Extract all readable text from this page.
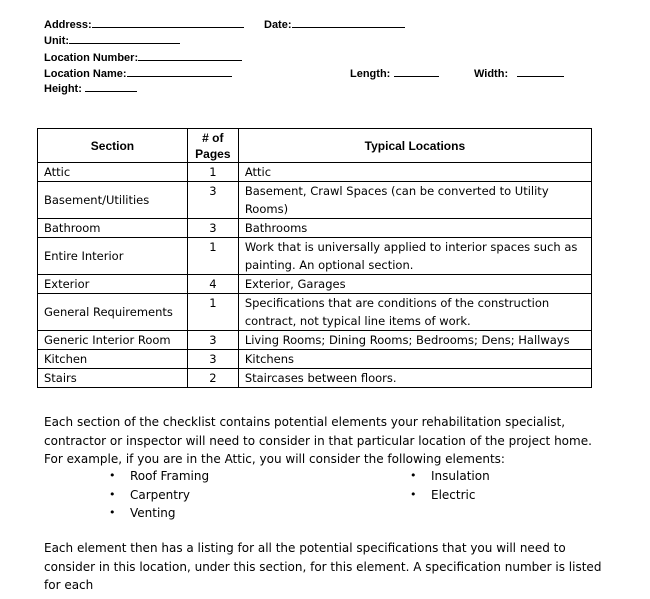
Address:	Date:
Unit:
Location Number:
Location Name:	Length:	Width:
Height:
Section	# of Pages	Typical Locations
Attic	1	Attic
Basement/Utilities	3	Basement, Crawl Spaces (can be converted to Utility Rooms)
Bathroom	3	Bathrooms
Entire Interior	1	Work that is universally applied to interior spaces such as painting. An optional section.
Exterior	4	Exterior, Garages
General Requirements	1	Specifications that are conditions of the construction contract, not typical line items of work.
Generic Interior Room	3	Living Rooms; Dining Rooms; Bedrooms; Dens; Hallways
Kitchen	3	Kitchens
Stairs	2	Staircases between floors.
Each section of the checklist contains potential elements your rehabilitation specialist, contractor or inspector will need to consider in that particular location of the project home. For example, if you are in the Attic, you will consider the following elements:
• Roof Framing
• Carpentry
• Venting
• Insulation
• Electric
Each element then has a listing for all the potential specifications that you will need to consider in this location, under this section, for this element. A specification number is listed for each
